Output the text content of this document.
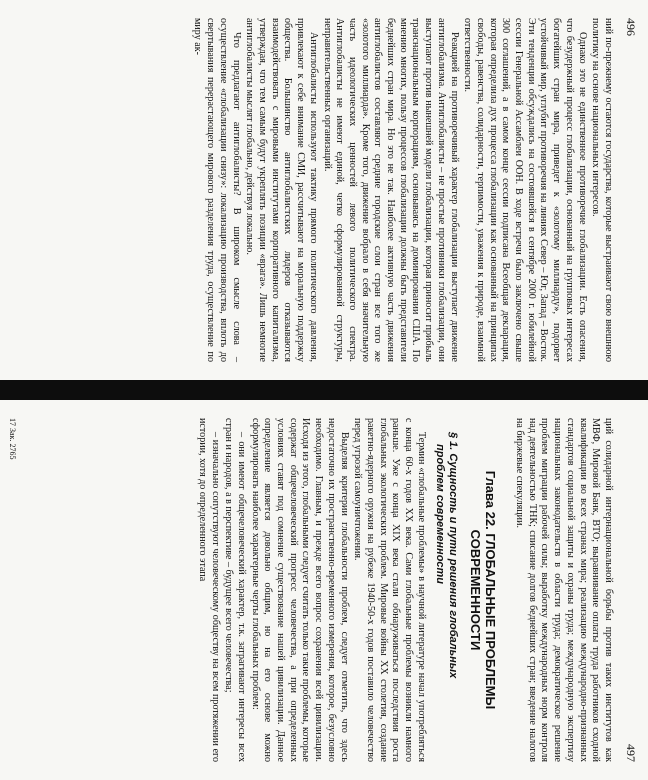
496

ний по-прежнему остаются государства, которые выстраивают свою внешнюю политику на основе национальных интересов.

Однако это не единственное противоречие глобализации. Есть опасения, что безудержный процесс глобализации, основанный на групповых интересах богатейших стран мира, приведет к «золотому миллиарду», подорвет устойчивый мир, углубит противоречия на линиях Север – Юг, Запад – Восток. Эти тенденции обсуждались на состоявшейся в сентябре 2000 г. юбилейной сессии Генеральной Ассамблеи ООН. В ходе встречи было заключено свыше 300 соглашений, а в самом конце сессии подписана Всеобщая декларация, которая определила дух процесса глобализации как основанный на принципах свободы, равенства, солидарности, терпимости, уважения к природе, взаимной ответственности.

Реакцией на противоречивый характер глобализации выступает движение антиглобализма. Антиглобалисты – не простые противники глобализации, они выступают против нынешней модели глобализации, которая приносит прибыль транснациональным корпорациям, основываясь на доминировании США. По мнению многих, пользу процессов глобализации должны быть представители беднейших стран мира. Но это не так. Наиболее активную часть движения антиглобалистов составляют средние городские слои стран все того же «золотого миллиарда». Кроме того, движение вобрало в себя значительную часть идеологических ценностей левого политического спектра. Антиглобалисты не имеют единой, четко сформулированной структуры, неправительственных организаций.

Антиглобалисты используют тактику прямого политического давления, привлекают к себе внимание СМИ, рассчитывают на моральную поддержку общества. Большинство антиглобалистских лидеров отказываются взаимодействовать с мировыми институтами корпоративного капитализма, утверждая, что тем самым будут укреплять позиции «врага». Лишь немногие антиглобалисты мыслят глобально, действуя локально.

Что предлагают антиглобалисты? В широком смысле слова – осуществление «глобализации снизу»: локализацию производства, вплоть до свертывания перерастающего мирового разделения труда, осуществление по миру ак-

497

ций солидарной интернациональной борьбы против таких институтов как МВФ, Мировой Банк, ВТО; выравнивание оплаты труда работников сходной квалификации во всех странах мира; реализацию международно-признанных стандартов социальной защиты и охраны труда; международную экспертизу национальных законодательств в области труда; демократическое решение проблем миграции рабочей силы; выработку международных норм контроля над деятельностью ТНК; списание долгов беднейших стран; введение налогов на биржевые спекуляции.

Глава 22. ГЛОБАЛЬНЫЕ ПРОБЛЕМЫ
СОВРЕМЕННОСТИ
§ 1. Сущность и пути решения глобальных
проблем современности

Термин «глобальные проблемы» в научной литературе начал употребляться с конца 60-х годов XX века. Сами глобальные проблемы возникли намного раньше. Уже с конца XIX века стали обнаруживаться последствия роста глобальных экологических проблем. Мировые войны XX столетия, создание ракетно-ядерного оружия на рубеже 1940-50-х годов поставило человечество перед угрозой самоуничтожения.

Выделяя критерии глобальности проблем, следует отметить, что здесь недостаточно их пространственно-временного измерения, которое, безусловно необходимо. Главным, и прежде всего вопрос сохранения всей цивилизации. Исходя из этого, глобальными следует считать только такие проблемы, которые содержат общечеловеческий прогресс человечества, а при определенных условиях ставят под сомнение существование нашей цивилизации. Данное определение является довольно общим, но на его основе можно сформулировать наиболее характерные черты глобальных проблем:

– они имеют общечеловеческий характер, т.к. затрагивают интересы всех стран и народов, а в перспективе – будущее всего человечества;

– изначально сопутствуют человеческому обществу на всем протяжении его истории, хотя до определенного этапа

17 Зак. 2765
